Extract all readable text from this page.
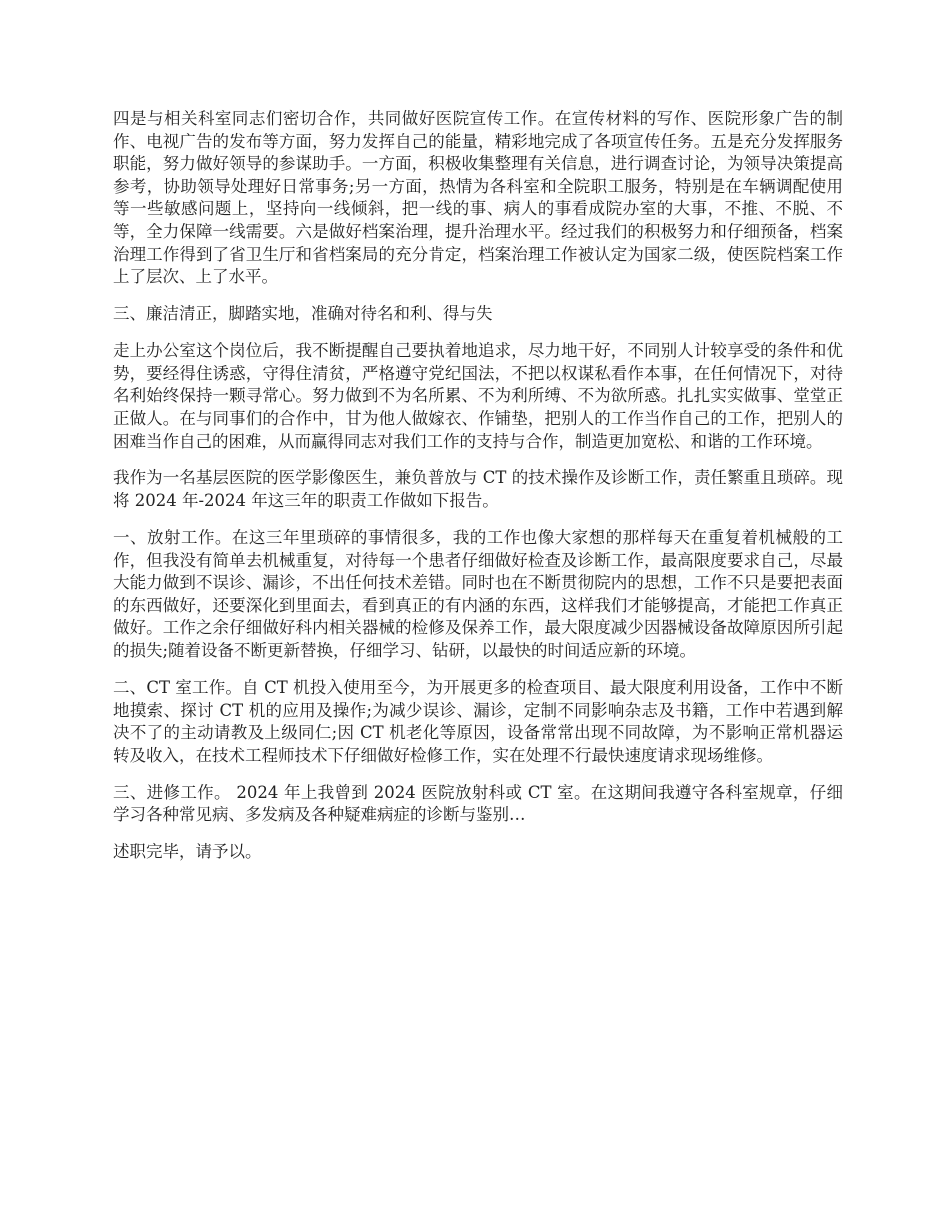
四是与相关科室同志们密切合作，共同做好医院宣传工作。在宣传材料的写作、医院形象广告的制作、电视广告的发布等方面，努力发挥自己的能量，精彩地完成了各项宣传任务。五是充分发挥服务职能，努力做好领导的参谋助手。一方面，积极收集整理有关信息，进行调查讨论，为领导决策提高参考，协助领导处理好日常事务;另一方面，热情为各科室和全院职工服务，特别是在车辆调配使用等一些敏感问题上，坚持向一线倾斜，把一线的事、病人的事看成院办室的大事，不推、不脱、不等，全力保障一线需要。六是做好档案治理，提升治理水平。经过我们的积极努力和仔细预备，档案治理工作得到了省卫生厅和省档案局的充分肯定，档案治理工作被认定为国家二级，使医院档案工作上了层次、上了水平。

三、廉洁清正，脚踏实地，准确对待名和利、得与失

走上办公室这个岗位后，我不断提醒自己要执着地追求，尽力地干好，不同别人计较享受的条件和优势，要经得住诱惑，守得住清贫，严格遵守党纪国法，不把以权谋私看作本事，在任何情况下，对待名利始终保持一颗寻常心。努力做到不为名所累、不为利所缚、不为欲所惑。扎扎实实做事、堂堂正正做人。在与同事们的合作中，甘为他人做嫁衣、作铺垫，把别人的工作当作自己的工作，把别人的困难当作自己的困难，从而赢得同志对我们工作的支持与合作，制造更加宽松、和谐的工作环境。

我作为一名基层医院的医学影像医生，兼负普放与 CT 的技术操作及诊断工作，责任繁重且琐碎。现将 2024 年-2024 年这三年的职责工作做如下报告。

一、放射工作。在这三年里琐碎的事情很多，我的工作也像大家想的那样每天在重复着机械般的工作，但我没有简单去机械重复，对待每一个患者仔细做好检查及诊断工作，最高限度要求自己，尽最大能力做到不误诊、漏诊，不出任何技术差错。同时也在不断贯彻院内的思想，工作不只是要把表面的东西做好，还要深化到里面去，看到真正的有内涵的东西，这样我们才能够提高，才能把工作真正做好。工作之余仔细做好科内相关器械的检修及保养工作，最大限度减少因器械设备故障原因所引起的损失;随着设备不断更新替换，仔细学习、钻研，以最快的时间适应新的环境。

二、CT 室工作。自 CT 机投入使用至今，为开展更多的检查项目、最大限度利用设备，工作中不断地摸索、探讨 CT 机的应用及操作;为减少误诊、漏诊，定制不同影响杂志及书籍，工作中若遇到解决不了的主动请教及上级同仁;因 CT 机老化等原因，设备常常出现不同故障，为不影响正常机器运转及收入，在技术工程师技术下仔细做好检修工作，实在处理不行最快速度请求现场维修。

三、进修工作。 2024 年上我曾到 2024 医院放射科或 CT 室。在这期间我遵守各科室规章，仔细学习各种常见病、多发病及各种疑难病症的诊断与鉴别…

述职完毕，请予以。
